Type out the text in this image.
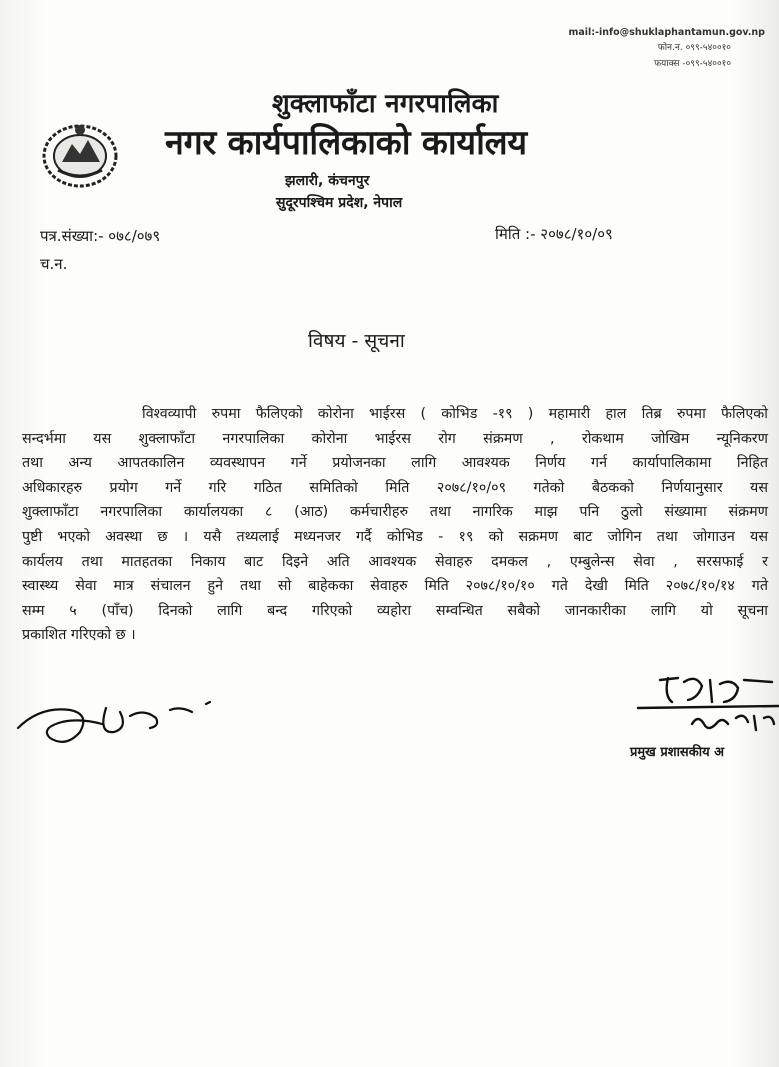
mail:-info@shuklaphantamun.gov.np
फोन.न. ०९९-५४००१०
फयाक्स -०९९-५४००१०
शुक्लाफाँटा नगरपालिका
नगर कार्यपालिकाको कार्यालय
झलारी, कंचनपुर
सुदूरपश्चिम प्रदेश, नेपाल
पत्र.संख्या:- ०७८/०७९
च.न.
मिति :- २०७८/१०/०९
विषय - सूचना
विश्वव्यापी रुपमा फैलिएको कोरोना भाईरस ( कोभिड -१९ ) महामारी हाल तिब्र रुपमा फैलिएको
सन्दर्भमा यस शुक्लाफाँटा नगरपालिका कोरोना भाईरस रोग संक्रमण , रोकथाम जोखिम न्यूनिकरण
तथा अन्य आपतकालिन व्यवस्थापन गर्ने प्रयोजनका लागि आवश्यक निर्णय गर्न कार्यापालिकामा निहित
अधिकारहरु प्रयोग गर्ने गरि गठित समितिको मिति २०७८/१०/०९ गतेको बैठकको निर्णयानुसार यस
शुक्लाफाँटा नगरपालिका कार्यालयका ८ (आठ) कर्मचारीहरु तथा नागरिक माझ पनि ठुलो संख्यामा संक्रमण
पुष्टी भएको अवस्था छ । यसै तथ्यलाई मध्यनजर गर्दै कोभिड - १९ को सक्रमण बाट जोगिन तथा जोगाउन यस
कार्यलय तथा मातहतका निकाय बाट दिइने अति आवश्यक सेवाहरु दमकल , एम्बुलेन्स सेवा , सरसफाई र
स्वास्थ्य सेवा मात्र संचालन हुने तथा सो बाहेकका सेवाहरु मिति २०७८/१०/१० गते देखी मिति २०७८/१०/१४ गते
सम्म ५ (पाँच) दिनको लागि बन्द गरिएको व्यहोरा सम्वन्धित सबैको जानकारीका लागि यो सूचना
प्रकाशित गरिएको छ ।
प्रमुख प्रशासकीय अ
